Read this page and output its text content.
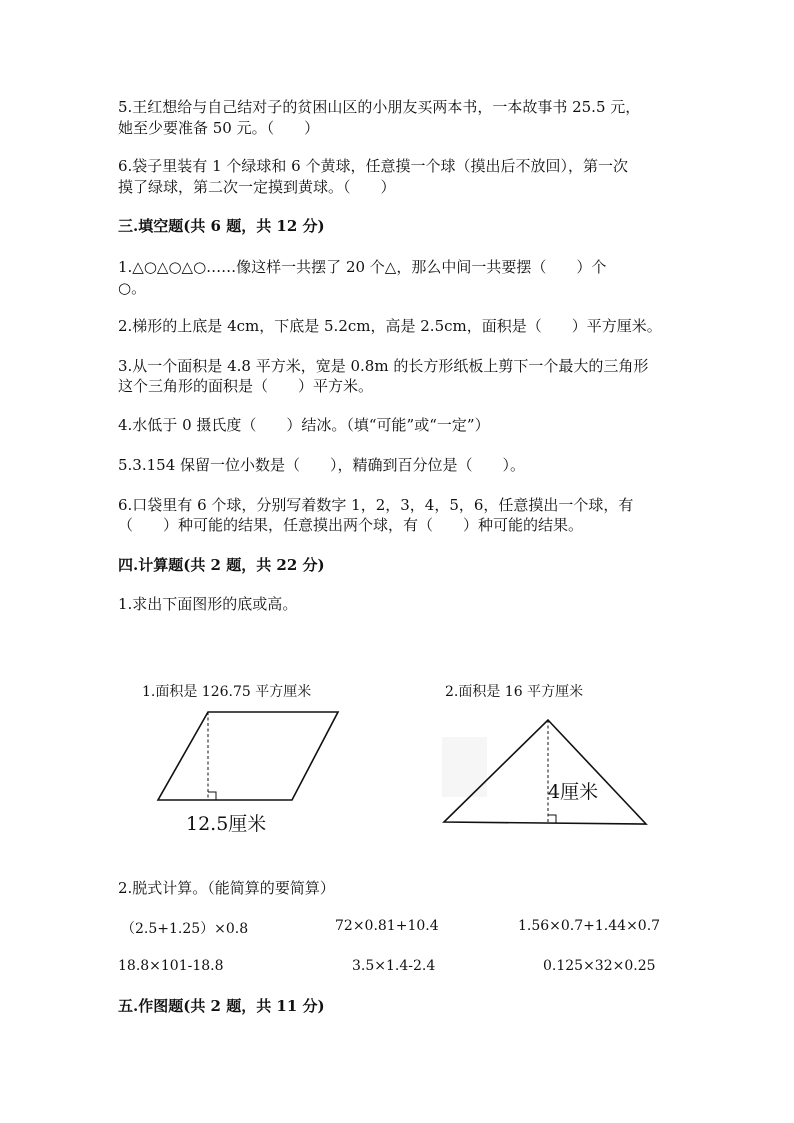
5.王红想给与自己结对子的贫困山区的小朋友买两本书，一本故事书 25.5 元，
她至少要准备 50 元。（　　）
6.袋子里装有 1 个绿球和 6 个黄球，任意摸一个球（摸出后不放回），第一次
摸了绿球，第二次一定摸到黄球。（　　）
三.填空题(共 6 题，共 12 分)
1.△○△○△○……像这样一共摆了 20 个△，那么中间一共要摆（　　）个
○。
2.梯形的上底是 4cm，下底是 5.2cm，高是 2.5cm，面积是（　　）平方厘米。
3.从一个面积是 4.8 平方米，宽是 0.8m 的长方形纸板上剪下一个最大的三角形
这个三角形的面积是（　　）平方米。
4.水低于 0 摄氏度（　　）结冰。（填“可能”或“一定”）
5.3.154 保留一位小数是（　　），精确到百分位是（　　）。
6.口袋里有 6 个球，分别写着数字 1，2，3，4，5，6，任意摸出一个球，有
（　　）种可能的结果，任意摸出两个球，有（　　）种可能的结果。
四.计算题(共 2 题，共 22 分)
1.求出下面图形的底或高。
1.面积是 126.75 平方厘米	2.面积是 16 平方厘米
12.5厘米
4厘米
2.脱式计算。（能简算的要简算）
（2.5+1.25）×0.8	72×0.81+10.4	1.56×0.7+1.44×0.7
18.8×101-18.8	3.5×1.4-2.4	0.125×32×0.25
五.作图题(共 2 题，共 11 分)
